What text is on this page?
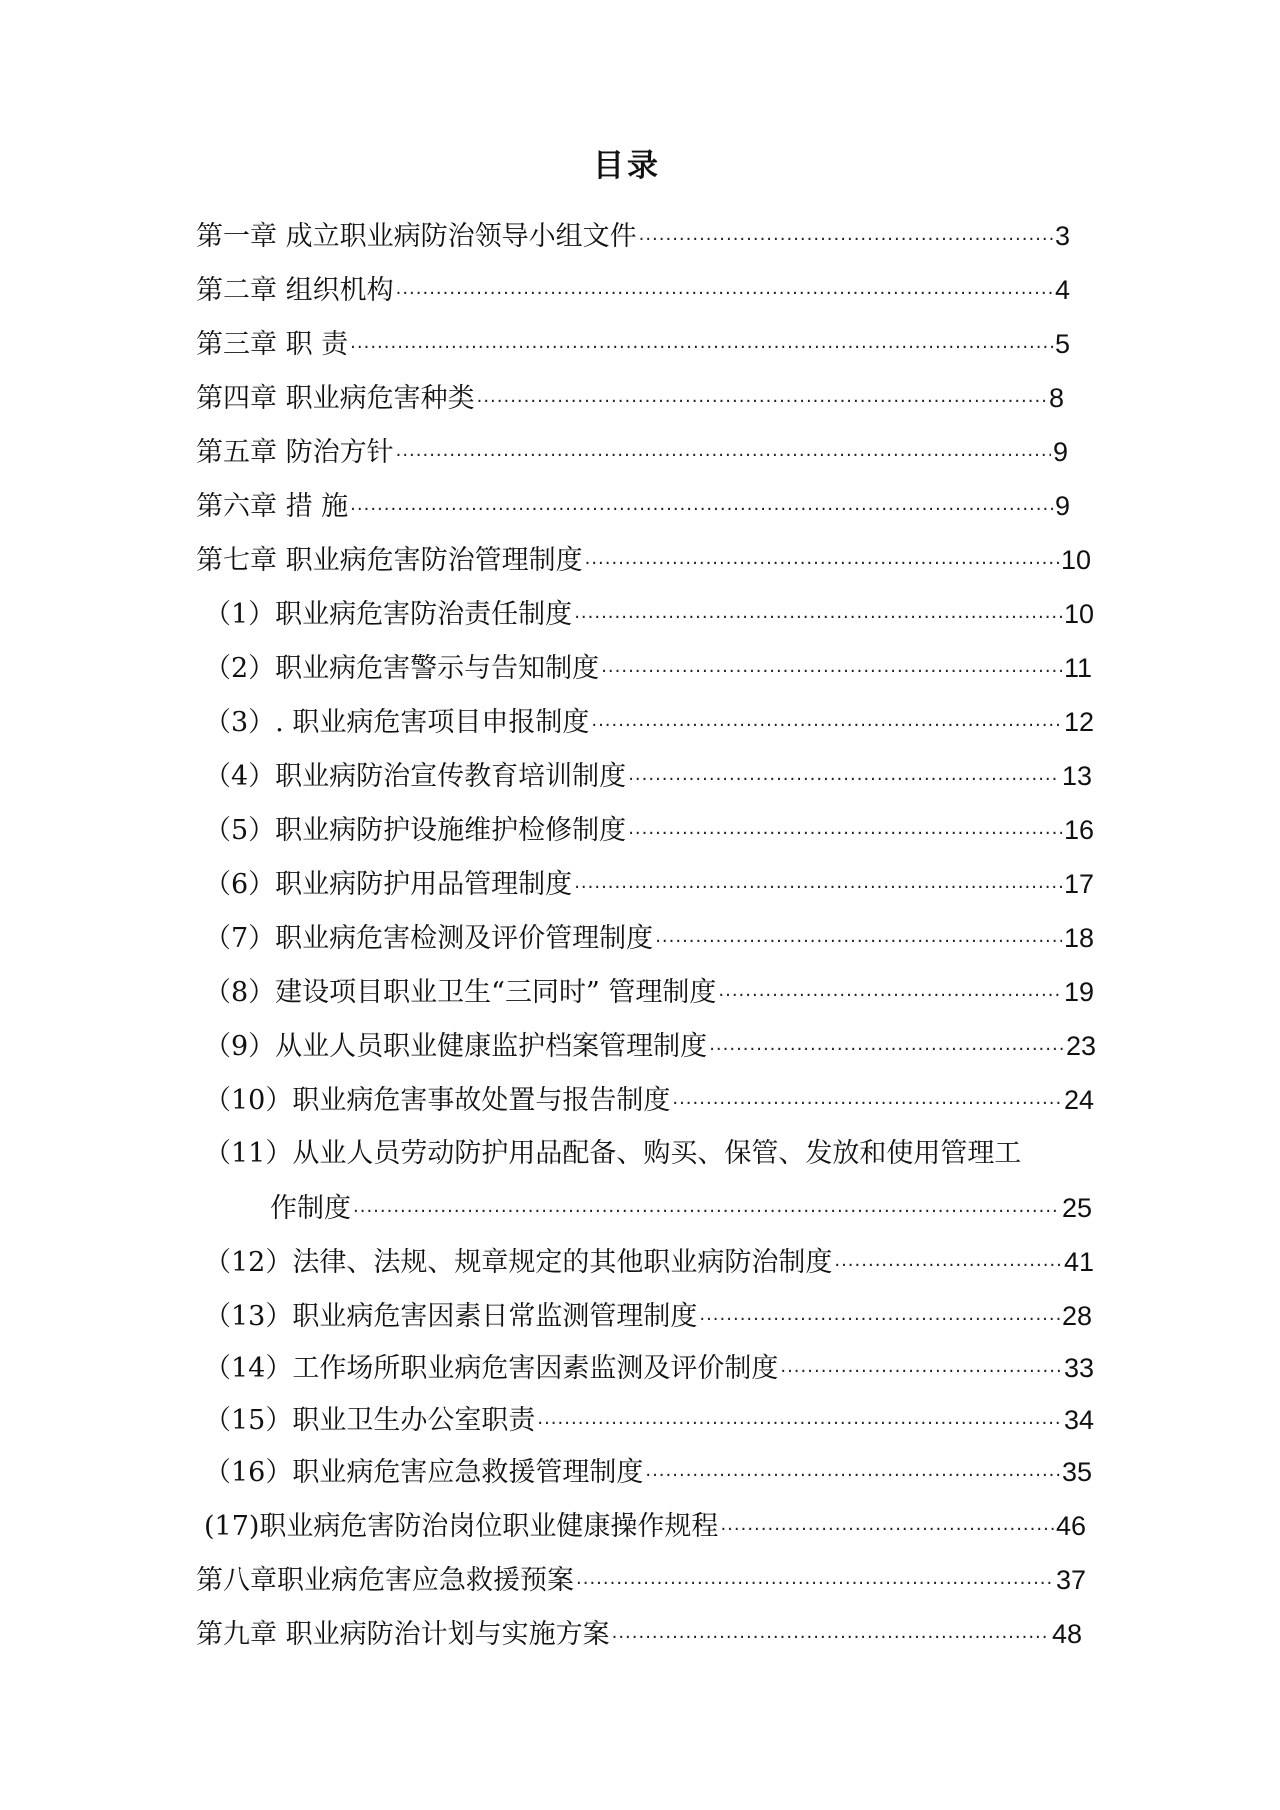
目录
第一章 成立职业病防治领导小组文件 ·····	3
第二章 组织机构 ·····	4
第三章 职 责 ·····	5
第四章 职业病危害种类 ·····	8
第五章 防治方针 ·····	9
第六章 措 施 ·····	9
第七章 职业病危害防治管理制度 ·····	10
（1）职业病危害防治责任制度 ·····	10
（2）职业病危害警示与告知制度 ·····	11
（3）. 职业病危害项目申报制度 ·····	12
（4）职业病防治宣传教育培训制度 ·····	13
（5）职业病防护设施维护检修制度 ·····	16
（6）职业病防护用品管理制度 ·····	17
（7）职业病危害检测及评价管理制度 ·····	18
（8）建设项目职业卫生“三同时” 管理制度 ·····	19
（9）从业人员职业健康监护档案管理制度 ·····	23
（10）职业病危害事故处置与报告制度 ·····	24
（11）从业人员劳动防护用品配备、购买、保管、发放和使用管理工
作制度 ·····	25
（12）法律、法规、规章规定的其他职业病防治制度 ·····	41
（13）职业病危害因素日常监测管理制度 ·····	28
（14）工作场所职业病危害因素监测及评价制度 ·····	33
（15）职业卫生办公室职责 ·····	34
（16）职业病危害应急救援管理制度 ·····	35
(17)职业病危害防治岗位职业健康操作规程 ·····	46
第八章职业病危害应急救援预案 ·····	37
第九章 职业病防治计划与实施方案 ·····	48
